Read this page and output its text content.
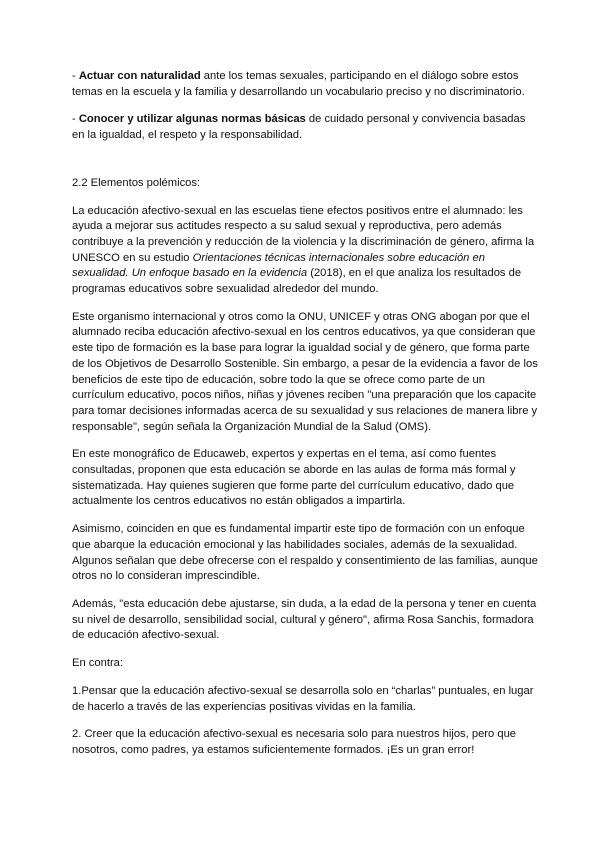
- Actuar con naturalidad ante los temas sexuales, participando en el diálogo sobre estos temas en la escuela y la familia y desarrollando un vocabulario preciso y no discriminatorio.

- Conocer y utilizar algunas normas básicas de cuidado personal y convivencia basadas en la igualdad, el respeto y la responsabilidad.

2.2 Elementos polémicos:

La educación afectivo-sexual en las escuelas tiene efectos positivos entre el alumnado: les ayuda a mejorar sus actitudes respecto a su salud sexual y reproductiva, pero además contribuye a la prevención y reducción de la violencia y la discriminación de género, afirma la UNESCO en su estudio Orientaciones técnicas internacionales sobre educación en sexualidad. Un enfoque basado en la evidencia (2018), en el que analiza los resultados de programas educativos sobre sexualidad alrededor del mundo.

Este organismo internacional y otros como la ONU, UNICEF y otras ONG abogan por que el alumnado reciba educación afectivo-sexual en los centros educativos, ya que consideran que este tipo de formación es la base para lograr la igualdad social y de género, que forma parte de los Objetivos de Desarrollo Sostenible. Sin embargo, a pesar de la evidencia a favor de los beneficios de este tipo de educación, sobre todo la que se ofrece como parte de un currículum educativo, pocos niños, niñas y jóvenes reciben "una preparación que los capacite para tomar decisiones informadas acerca de su sexualidad y sus relaciones de manera libre y responsable", según señala la Organización Mundial de la Salud (OMS).

En este monográfico de Educaweb, expertos y expertas en el tema, así como fuentes consultadas, proponen que esta educación se aborde en las aulas de forma más formal y sistematizada. Hay quienes sugieren que forme parte del currículum educativo, dado que actualmente los centros educativos no están obligados a impartirla.

Asimismo, coinciden en que es fundamental impartir este tipo de formación con un enfoque que abarque la educación emocional y las habilidades sociales, además de la sexualidad. Algunos señalan que debe ofrecerse con el respaldo y consentimiento de las familias, aunque otros no lo consideran imprescindible.

Además, "esta educación debe ajustarse, sin duda, a la edad de la persona y tener en cuenta su nivel de desarrollo, sensibilidad social, cultural y género", afirma Rosa Sanchis, formadora de educación afectivo-sexual.

En contra:

1.Pensar que la educación afectivo-sexual se desarrolla solo en “charlas” puntuales, en lugar de hacerlo a través de las experiencias positivas vividas en la familia.

2. Creer que la educación afectivo-sexual es necesaria solo para nuestros hijos, pero que nosotros, como padres, ya estamos suficientemente formados. ¡Es un gran error!
